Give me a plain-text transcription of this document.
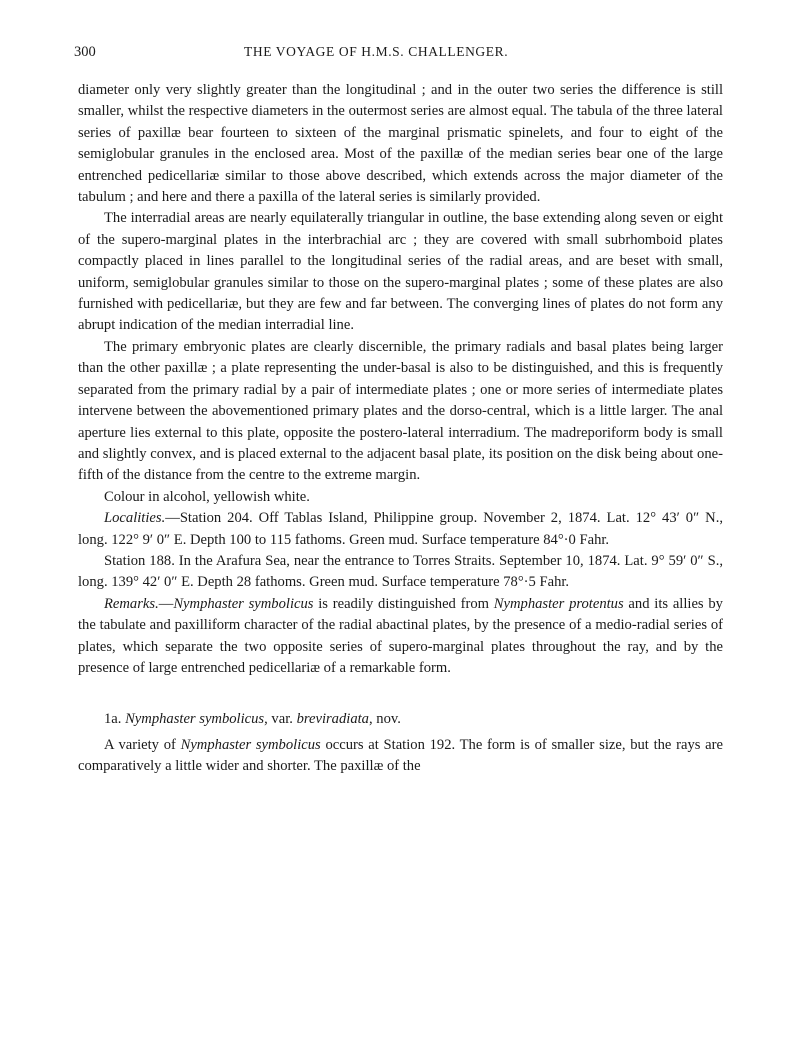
300	THE VOYAGE OF H.M.S. CHALLENGER.

diameter only very slightly greater than the longitudinal ; and in the outer two series the difference is still smaller, whilst the respective diameters in the outermost series are almost equal. The tabula of the three lateral series of paxillæ bear fourteen to sixteen of the marginal prismatic spinelets, and four to eight of the semiglobular granules in the enclosed area. Most of the paxillæ of the median series bear one of the large entrenched pedicellariæ similar to those above described, which extends across the major diameter of the tabulum ; and here and there a paxilla of the lateral series is similarly provided.

The interradial areas are nearly equilaterally triangular in outline, the base extending along seven or eight of the supero-marginal plates in the interbrachial arc ; they are covered with small subrhomboid plates compactly placed in lines parallel to the longitudinal series of the radial areas, and are beset with small, uniform, semiglobular granules similar to those on the supero-marginal plates ; some of these plates are also furnished with pedicellariæ, but they are few and far between. The converging lines of plates do not form any abrupt indication of the median interradial line.

The primary embryonic plates are clearly discernible, the primary radials and basal plates being larger than the other paxillæ ; a plate representing the under-basal is also to be distinguished, and this is frequently separated from the primary radial by a pair of intermediate plates ; one or more series of intermediate plates intervene between the abovementioned primary plates and the dorso-central, which is a little larger. The anal aperture lies external to this plate, opposite the postero-lateral interradium. The madreporiform body is small and slightly convex, and is placed external to the adjacent basal plate, its position on the disk being about one-fifth of the distance from the centre to the extreme margin.

Colour in alcohol, yellowish white.

Localities.—Station 204. Off Tablas Island, Philippine group. November 2, 1874. Lat. 12° 43′ 0″ N., long. 122° 9′ 0″ E. Depth 100 to 115 fathoms. Green mud. Surface temperature 84°·0 Fahr.

Station 188. In the Arafura Sea, near the entrance to Torres Straits. September 10, 1874. Lat. 9° 59′ 0″ S., long. 139° 42′ 0″ E. Depth 28 fathoms. Green mud. Surface temperature 78°·5 Fahr.

Remarks.—Nymphaster symbolicus is readily distinguished from Nymphaster protentus and its allies by the tabulate and paxilliform character of the radial abactinal plates, by the presence of a medio-radial series of plates, which separate the two opposite series of supero-marginal plates throughout the ray, and by the presence of large entrenched pedicellariæ of a remarkable form.

1a. Nymphaster symbolicus, var. breviradiata, nov.

A variety of Nymphaster symbolicus occurs at Station 192. The form is of smaller size, but the rays are comparatively a little wider and shorter. The paxillæ of the
